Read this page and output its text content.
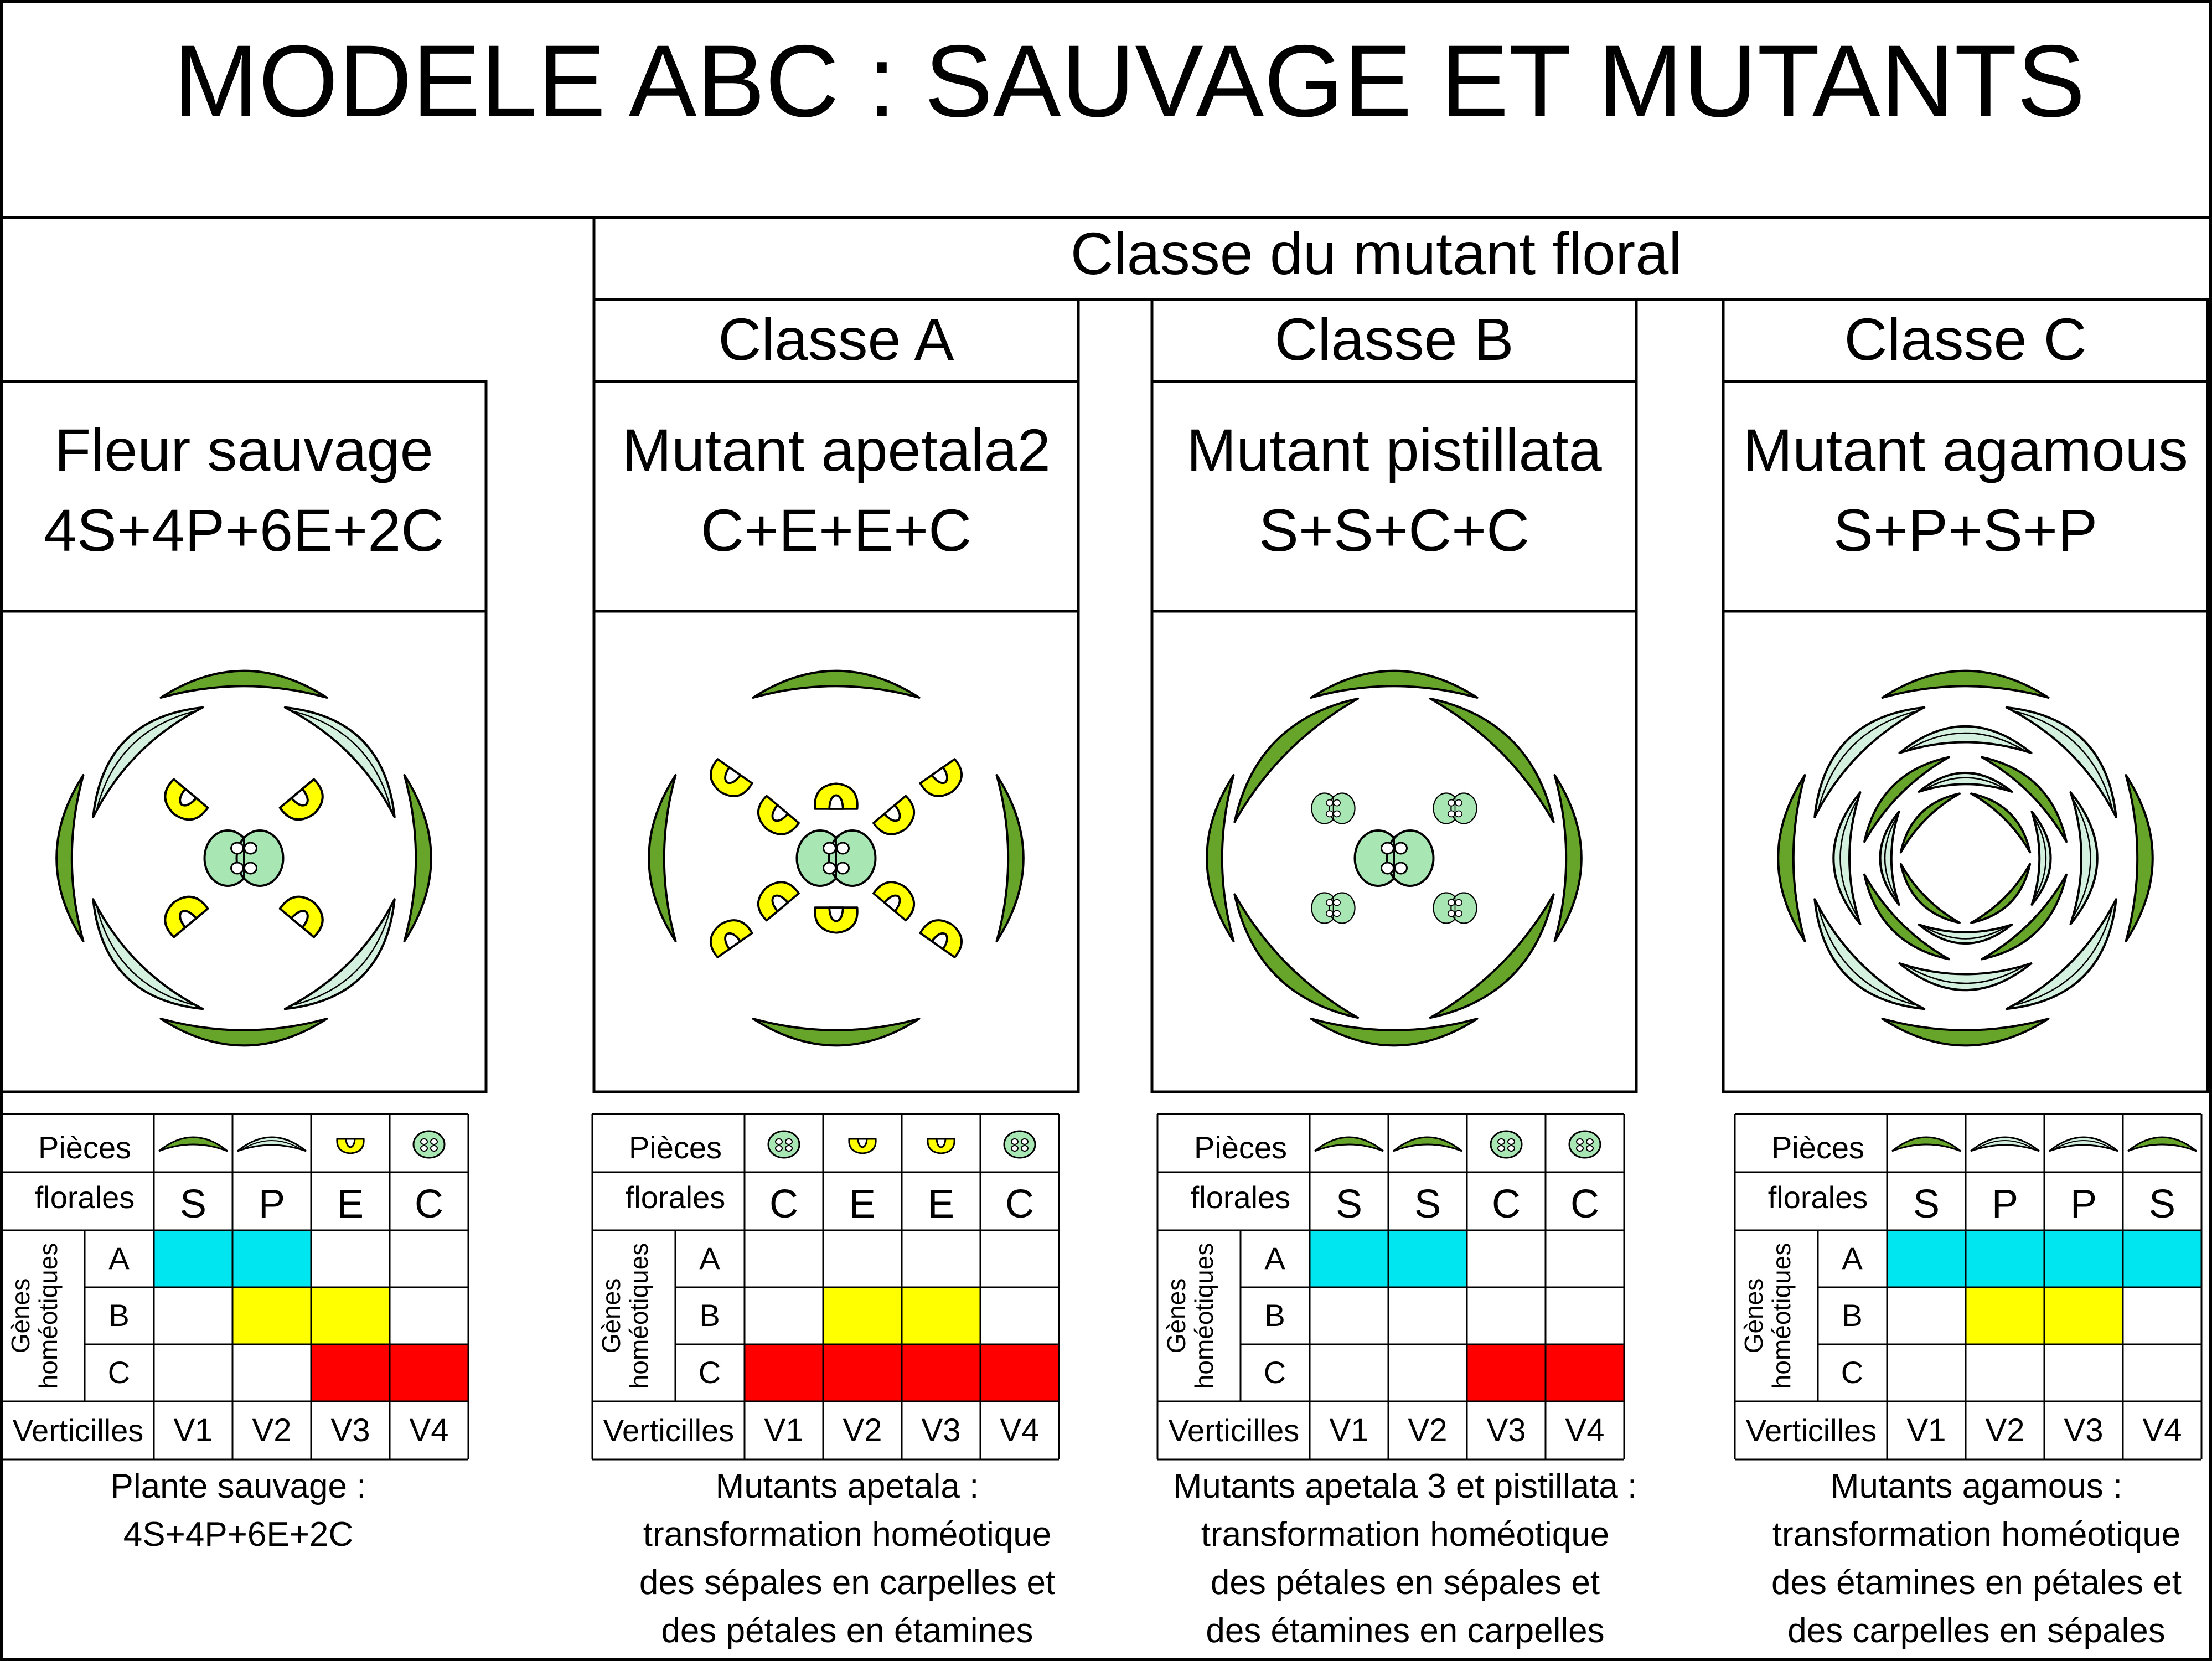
MODELE ABC : SAUVAGE ET MUTANTS
Classe du mutant floral
Fleur sauvage
4S+4P+6E+2C
Pièces
florales
Gènes
homéotiques A
B
C
Verticilles
S
V1
P
V2
E
V3
C
V4
Plante sauvage :
4S+4P+6E+2C
Classe A
Mutant apetala2
C+E+E+C
Pièces
florales
Gènes
homéotiques A
B
C
Verticilles
C
V1
E
V2
E
V3
C
V4
Mutants apetala :
transformation homéotique
des sépales en carpelles et
des pétales en étamines
Classe B
Mutant pistillata
S+S+C+C
Pièces
florales
Gènes
homéotiques A
B
C
Verticilles
S
V1
S
V2
C
V3
C
V4
Mutants apetala 3 et pistillata :
transformation homéotique
des pétales en sépales et
des étamines en carpelles
Classe C
Mutant agamous
S+P+S+P
Pièces
florales
Gènes
homéotiques A
B
C
Verticilles
S
V1
P
V2
P
V3
S
V4
Mutants agamous :
transformation homéotique
des étamines en pétales et
des carpelles en sépales
